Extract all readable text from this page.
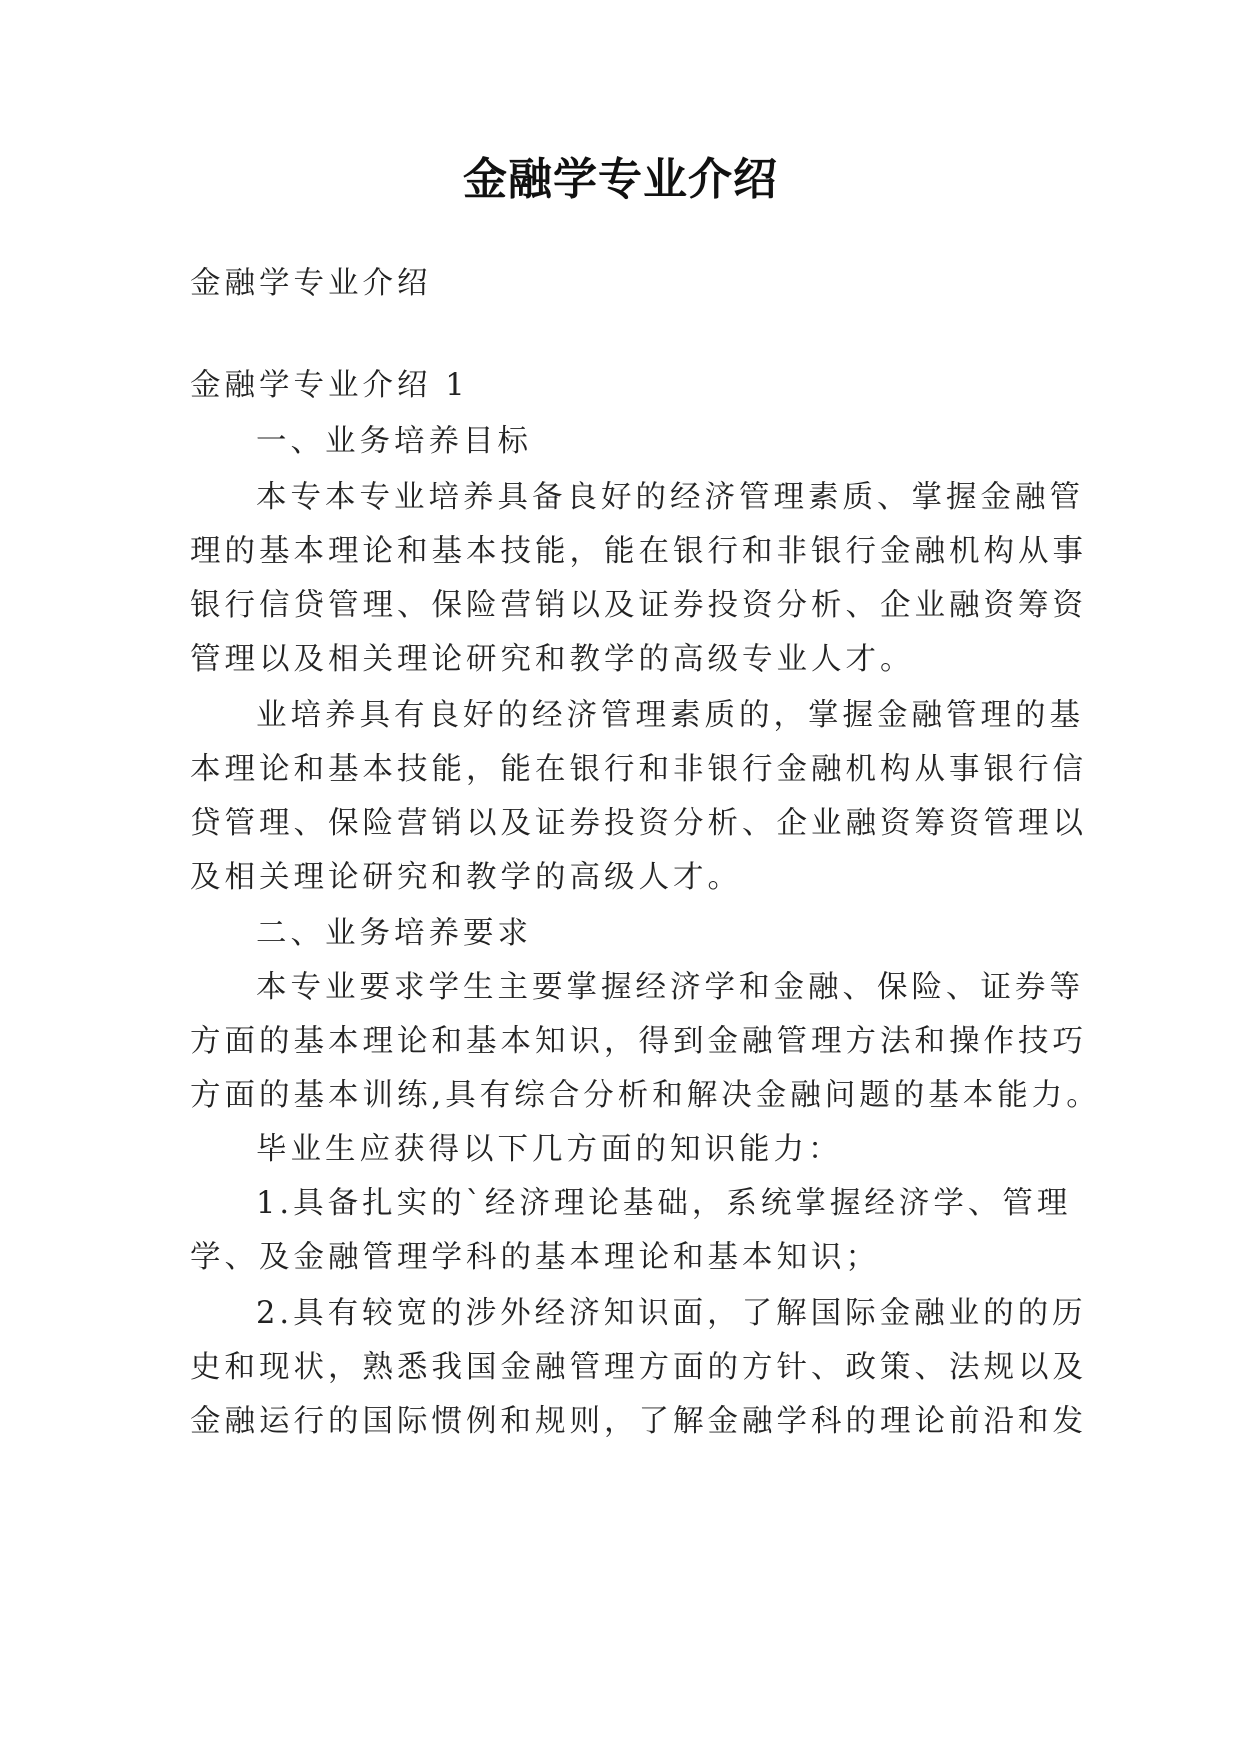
金融学专业介绍
金融学专业介绍
金融学专业介绍 1
一、业务培养目标
本专本专业培养具备良好的经济管理素质、掌握金融管
理的基本理论和基本技能，能在银行和非银行金融机构从事
银行信贷管理、保险营销以及证券投资分析、企业融资筹资
管理以及相关理论研究和教学的高级专业人才。
业培养具有良好的经济管理素质的，掌握金融管理的基
本理论和基本技能，能在银行和非银行金融机构从事银行信
贷管理、保险营销以及证券投资分析、企业融资筹资管理以
及相关理论研究和教学的高级人才。
二、业务培养要求
本专业要求学生主要掌握经济学和金融、保险、证券等
方面的基本理论和基本知识，得到金融管理方法和操作技巧
方面的基本训练,具有综合分析和解决金融问题的基本能力。
毕业生应获得以下几方面的知识能力：
1.具备扎实的`经济理论基础，系统掌握经济学、管理
学、及金融管理学科的基本理论和基本知识；
2.具有较宽的涉外经济知识面，了解国际金融业的的历
史和现状，熟悉我国金融管理方面的方针、政策、法规以及
金融运行的国际惯例和规则，了解金融学科的理论前沿和发
